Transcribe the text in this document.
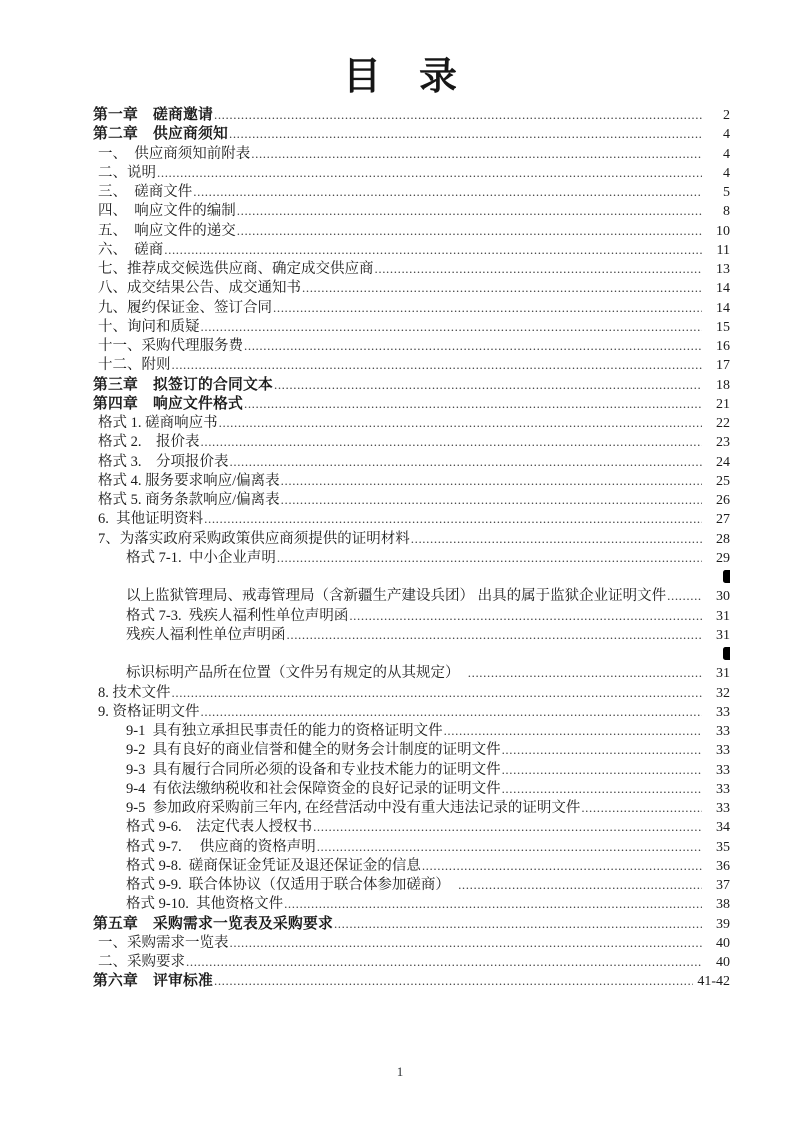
目　录
第一章　磋商邀请 .....	2
第二章　供应商须知 .....	4
一、　供应商须知前附表 .....	4
二、说明 .....	4
三、　磋商文件 .....	5
四、　响应文件的编制 .....	8
五、　响应文件的递交 .....	10
六、　磋商 .....	11
七、推荐成交候选供应商、确定成交供应商 .....	13
八、成交结果公告、成交通知书 .....	14
九、履约保证金、签订合同 .....	14
十、询问和质疑 .....	15
十一、采购代理服务费 .....	16
十二、附则 .....	17
第三章　拟签订的合同文本 .....	18
第四章　响应文件格式 .....	21
格式 1. 磋商响应书 .....	22
格式 2.　报价表 .....	23
格式 3.　分项报价表 .....	24
格式 4. 服务要求响应/偏离表 .....	25
格式 5. 商务条款响应/偏离表 .....	26
6.  其他证明资料 .....	27
7、为落实政府采购政策供应商须提供的证明材料 .....	28
格式 7-1.  中小企业声明 .....	29
以上监狱管理局、戒毒管理局（含新疆生产建设兵团） 出具的属于监狱企业证明文件 .....	30
格式 7-3.  残疾人福利性单位声明函 .....	31
残疾人福利性单位声明函 .....	31
标识标明产品所在位置（文件另有规定的从其规定）　 .....	31
8. 技术文件 .....	32
9. 资格证明文件 .....	33
9-1  具有独立承担民事责任的能力的资格证明文件 .....	33
9-2  具有良好的商业信誉和健全的财务会计制度的证明文件 .....	33
9-3  具有履行合同所必须的设备和专业技术能力的证明文件 .....	33
9-4  有依法缴纳税收和社会保障资金的良好记录的证明文件 .....	33
9-5  参加政府采购前三年内, 在经营活动中没有重大违法记录的证明文件 .....	33
格式 9-6.　法定代表人授权书 .....	34
格式 9-7.　 供应商的资格声明 .....	35
格式 9-8.  磋商保证金凭证及退还保证金的信息 .....	36
格式 9-9.  联合体协议（仅适用于联合体参加磋商）　 .....	37
格式 9-10.  其他资格文件 .....	38
第五章　采购需求一览表及采购要求 .....	39
一、采购需求一览表 .....	40
二、采购要求 .....	40
第六章　评审标准 .....	41-42
1
